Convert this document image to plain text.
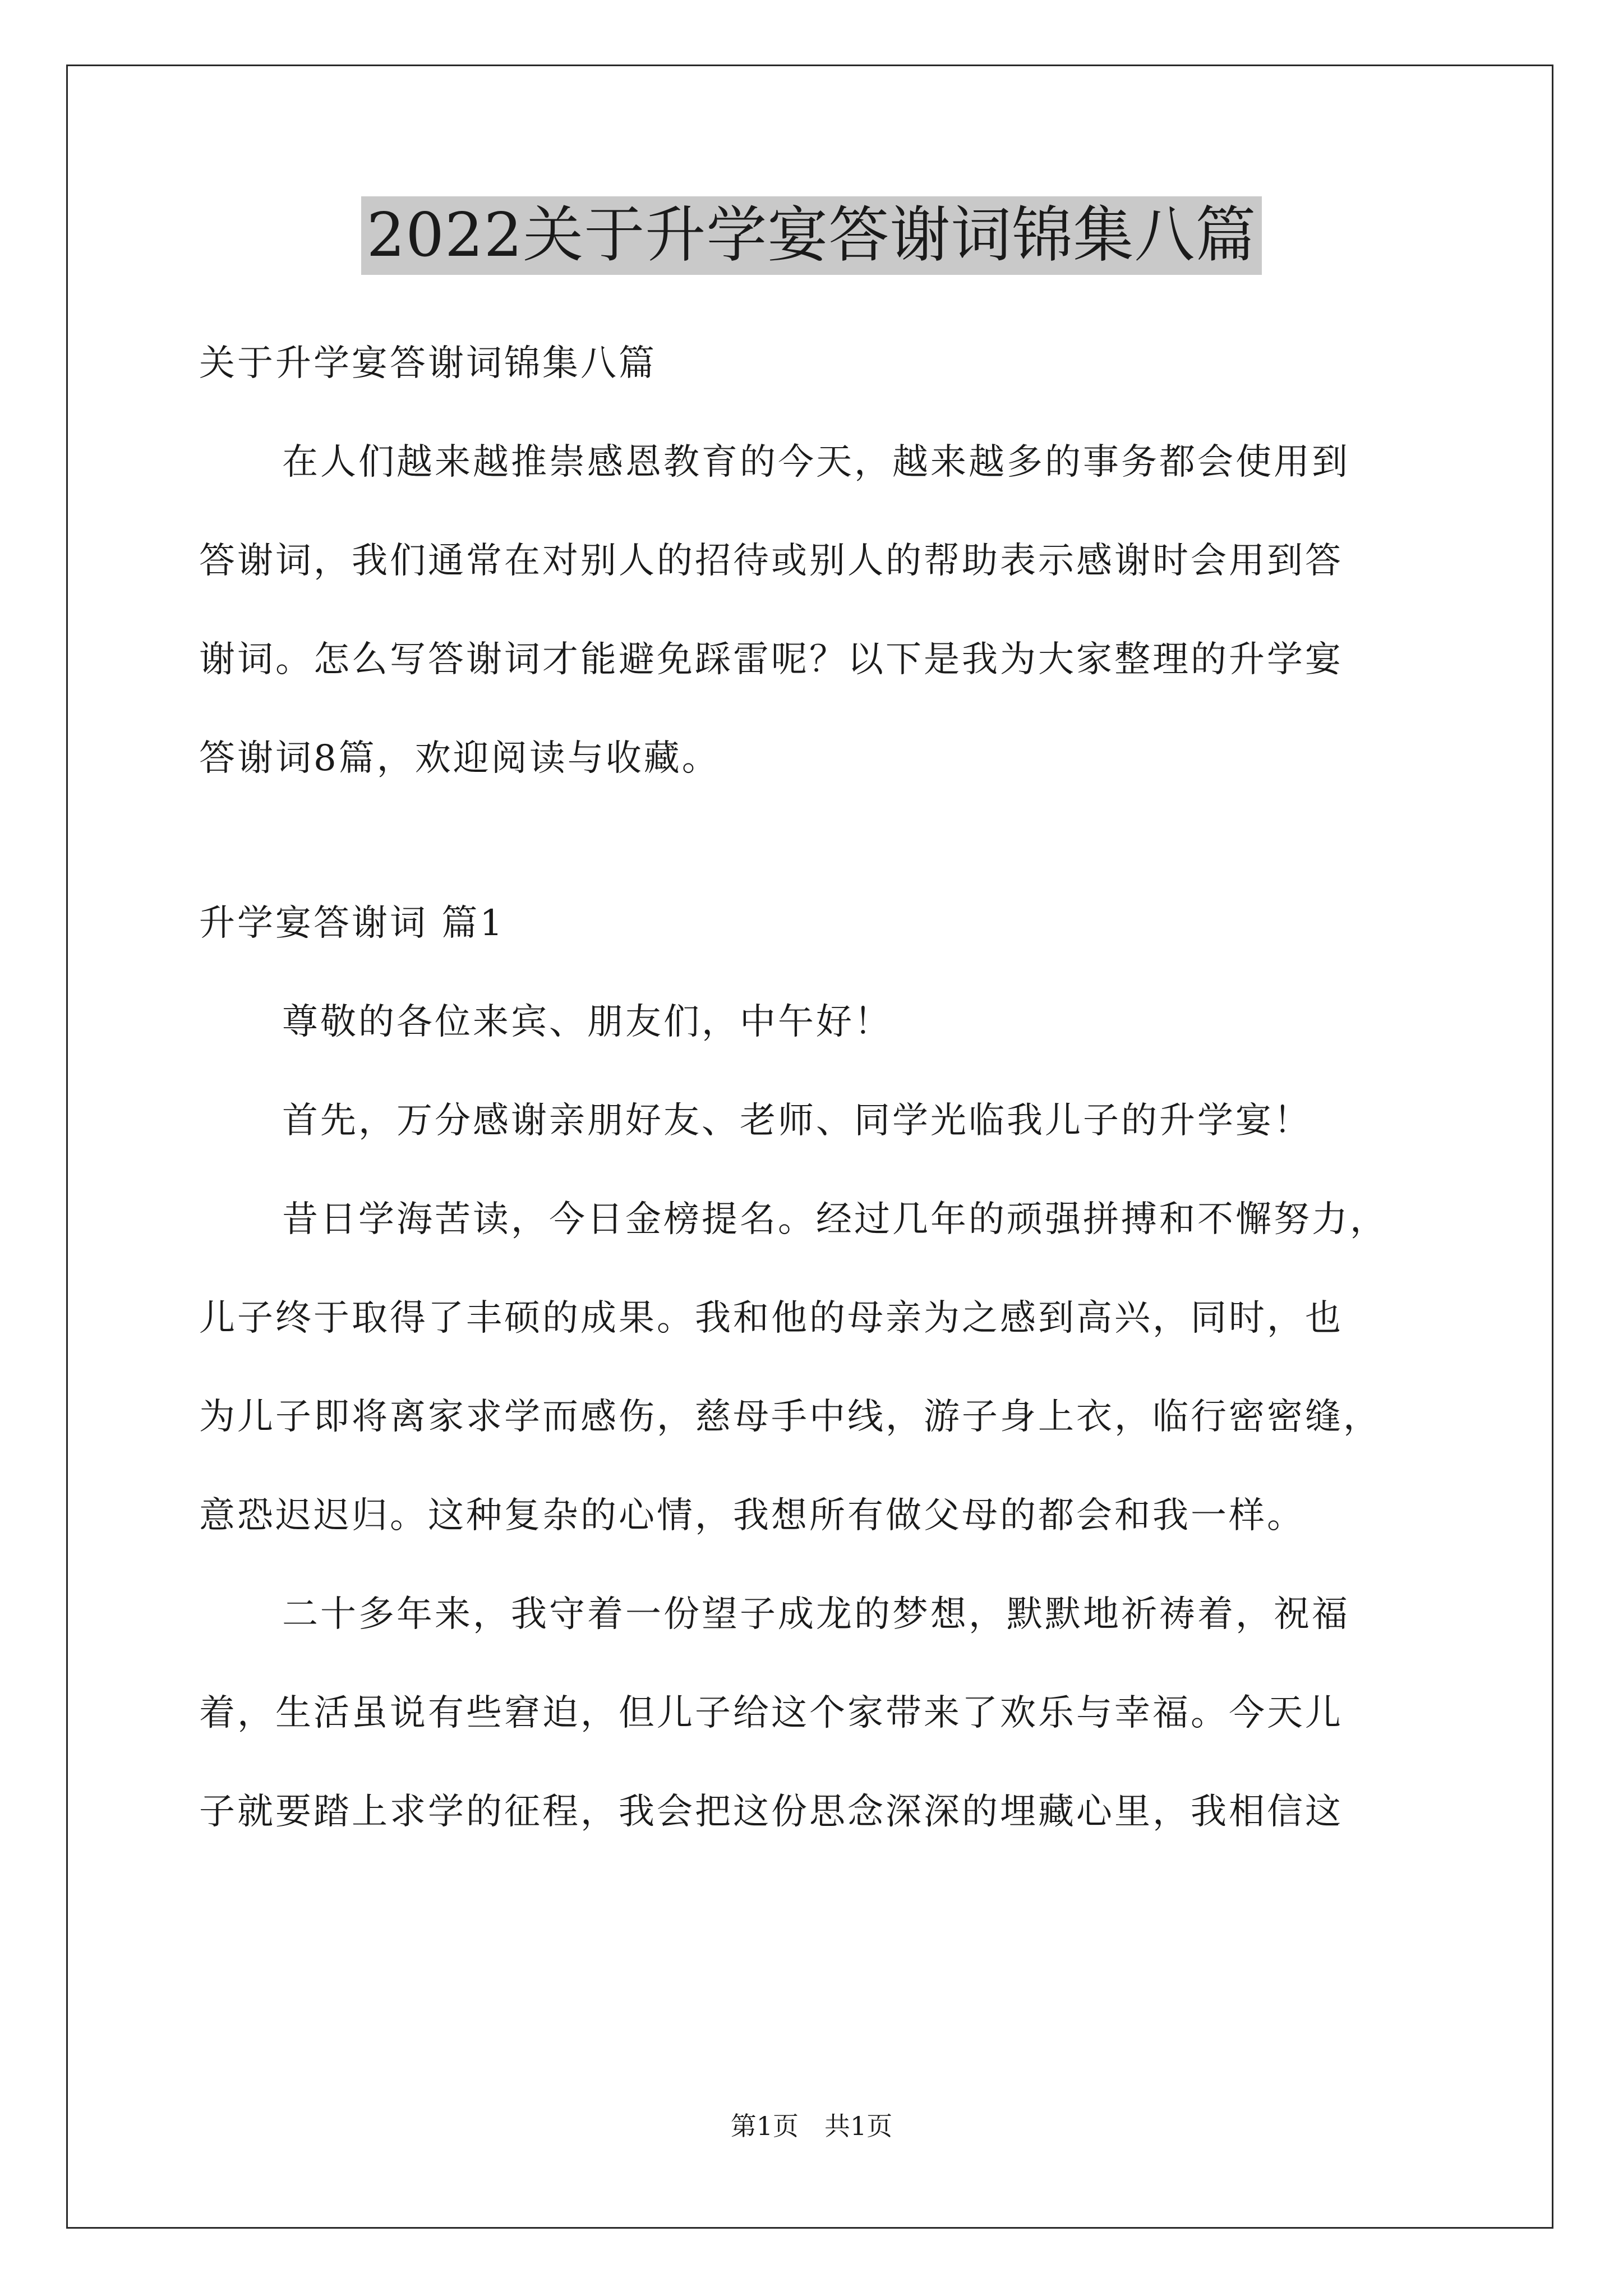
2022关于升学宴答谢词锦集八篇
关于升学宴答谢词锦集八篇
在人们越来越推崇感恩教育的今天，越来越多的事务都会使用到
答谢词，我们通常在对别人的招待或别人的帮助表示感谢时会用到答
谢词。怎么写答谢词才能避免踩雷呢？以下是我为大家整理的升学宴
答谢词8篇，欢迎阅读与收藏。
升学宴答谢词 篇1
尊敬的各位来宾、朋友们，中午好！
首先，万分感谢亲朋好友、老师、同学光临我儿子的升学宴！
昔日学海苦读，今日金榜提名。经过几年的顽强拼搏和不懈努力，
儿子终于取得了丰硕的成果。我和他的母亲为之感到高兴，同时，也
为儿子即将离家求学而感伤，慈母手中线，游子身上衣，临行密密缝，
意恐迟迟归。这种复杂的心情，我想所有做父母的都会和我一样。
二十多年来，我守着一份望子成龙的梦想，默默地祈祷着，祝福
着，生活虽说有些窘迫，但儿子给这个家带来了欢乐与幸福。今天儿
子就要踏上求学的征程，我会把这份思念深深的埋藏心里，我相信这
第1页　共1页
